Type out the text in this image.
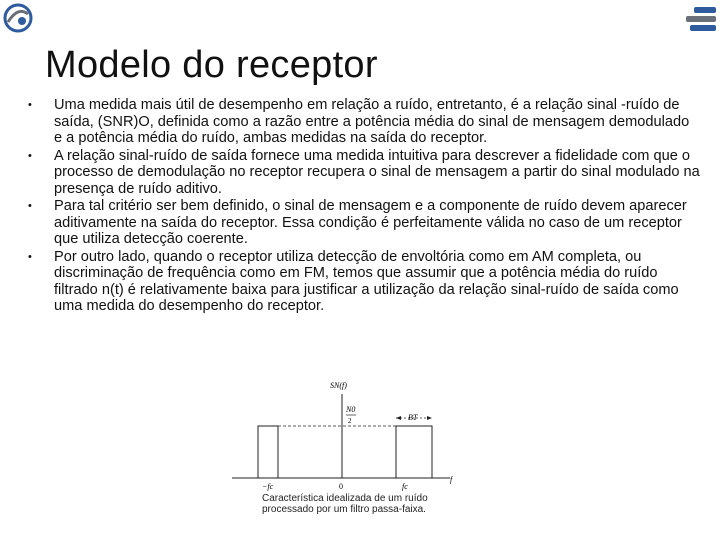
Modelo do receptor
• Uma medida mais útil de desempenho em relação a ruído, entretanto, é a relação sinal -ruído de saída, (SNR)O, definida como a razão entre a potência média do sinal de mensagem demodulado e a potência média do ruído, ambas medidas na saída do receptor.
• A relação sinal-ruído de saída fornece uma medida intuitiva para descrever a fidelidade com que o processo de demodulação no receptor recupera o sinal de mensagem a partir do sinal modulado na presença de ruído aditivo.
• Para tal critério ser bem definido, o sinal de mensagem e a componente de ruído devem aparecer aditivamente na saída do receptor. Essa condição é perfeitamente válida no caso de um receptor que utiliza detecção coerente.
• Por outro lado, quando o receptor utiliza detecção de envoltória como em AM completa, ou discriminação de frequência como em FM, temos que assumir que a potência média do ruído filtrado n(t) é relativamente baixa para justificar a utilização da relação sinal-ruído de saída como uma medida do desempenho do receptor.
SN(f)
N0
2	BT
−fc	0	fc
f
Característica idealizada de um ruído
processado por um filtro passa-faixa.
